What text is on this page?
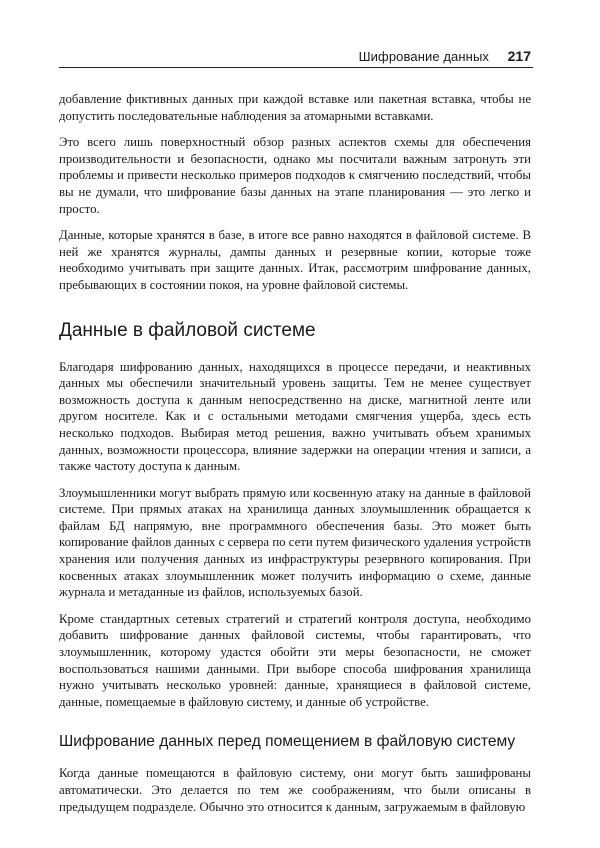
Шифрование данных 217

добавление фиктивных данных при каждой вставке или пакетная вставка, чтобы не допустить последовательные наблюдения за атомарными вставками.

Это всего лишь поверхностный обзор разных аспектов схемы для обеспечения производительности и безопасности, однако мы посчитали важным затронуть эти проблемы и привести несколько примеров подходов к смягчению последствий, чтобы вы не думали, что шифрование базы данных на этапе планирования — это легко и просто.

Данные, которые хранятся в базе, в итоге все равно находятся в файловой системе. В ней же хранятся журналы, дампы данных и резервные копии, которые тоже необходимо учитывать при защите данных. Итак, рассмотрим шифрование данных, пребывающих в состоянии покоя, на уровне файловой системы.

Данные в файловой системе

Благодаря шифрованию данных, находящихся в процессе передачи, и неактивных данных мы обеспечили значительный уровень защиты. Тем не менее существует возможность доступа к данным непосредственно на диске, магнитной ленте или другом носителе. Как и с остальными методами смягчения ущерба, здесь есть несколько подходов. Выбирая метод решения, важно учитывать объем хранимых данных, возможности процессора, влияние задержки на операции чтения и записи, а также частоту доступа к данным.

Злоумышленники могут выбрать прямую или косвенную атаку на данные в файловой системе. При прямых атаках на хранилища данных злоумышленник обращается к файлам БД напрямую, вне программного обеспечения базы. Это может быть копирование файлов данных с сервера по сети путем физического удаления устройств хранения или получения данных из инфраструктуры резервного копирования. При косвенных атаках злоумышленник может получить информацию о схеме, данные журнала и метаданные из файлов, используемых базой.

Кроме стандартных сетевых стратегий и стратегий контроля доступа, необходимо добавить шифрование данных файловой системы, чтобы гарантировать, что злоумышленник, которому удастся обойти эти меры безопасности, не сможет воспользоваться нашими данными. При выборе способа шифрования хранилища нужно учитывать несколько уровней: данные, хранящиеся в файловой системе, данные, помещаемые в файловую систему, и данные об устройстве.

Шифрование данных перед помещением в файловую систему

Когда данные помещаются в файловую систему, они могут быть зашифрованы автоматически. Это делается по тем же соображениям, что были описаны в предыдущем подразделе. Обычно это относится к данным, загружаемым в файловую
